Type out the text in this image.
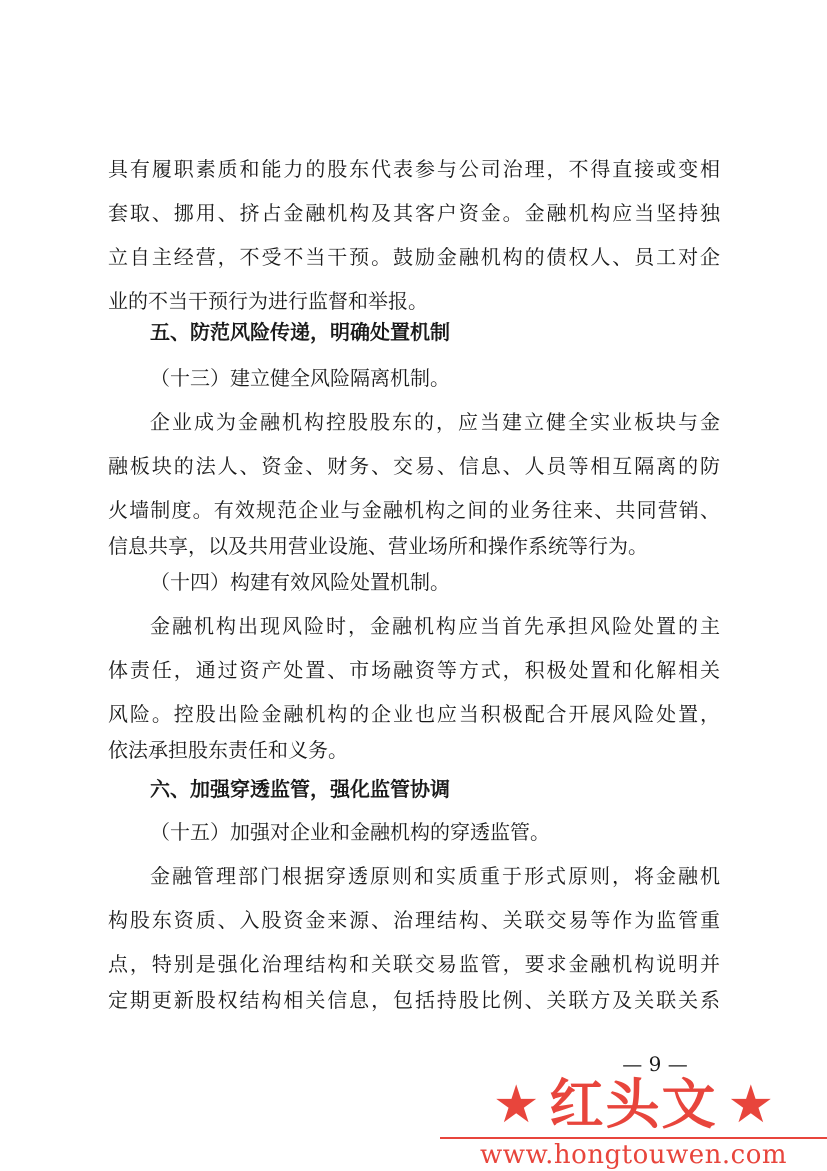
具有履职素质和能力的股东代表参与公司治理，不得直接或变相
套取、挪用、挤占金融机构及其客户资金。金融机构应当坚持独
立自主经营，不受不当干预。鼓励金融机构的债权人、员工对企
业的不当干预行为进行监督和举报。
五、防范风险传递，明确处置机制
（十三）建立健全风险隔离机制。
企业成为金融机构控股股东的，应当建立健全实业板块与金
融板块的法人、资金、财务、交易、信息、人员等相互隔离的防
火墙制度。有效规范企业与金融机构之间的业务往来、共同营销、
信息共享，以及共用营业设施、营业场所和操作系统等行为。
（十四）构建有效风险处置机制。
金融机构出现风险时，金融机构应当首先承担风险处置的主
体责任，通过资产处置、市场融资等方式，积极处置和化解相关
风险。控股出险金融机构的企业也应当积极配合开展风险处置，
依法承担股东责任和义务。
六、加强穿透监管，强化监管协调
（十五）加强对企业和金融机构的穿透监管。
金融管理部门根据穿透原则和实质重于形式原则，将金融机
构股东资质、入股资金来源、治理结构、关联交易等作为监管重
点，特别是强化治理结构和关联交易监管，要求金融机构说明并
定期更新股权结构相关信息，包括持股比例、关联方及关联关系
— 9 —
★ 红头文 ★
www.hongtouwen.com
